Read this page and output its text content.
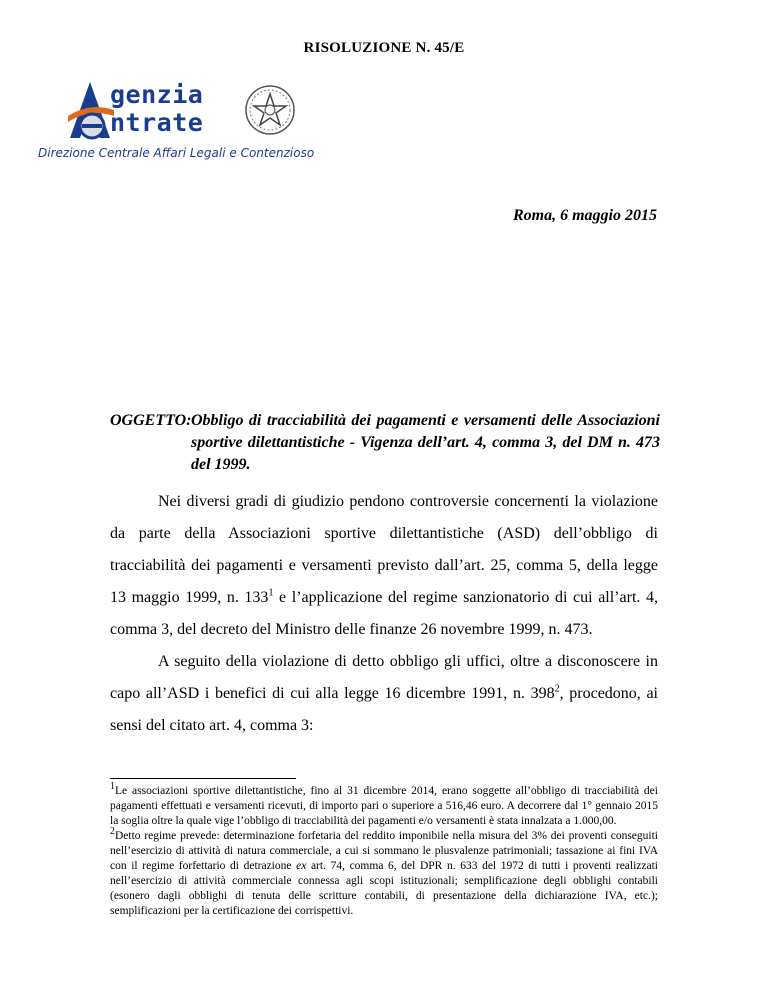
RISOLUZIONE N. 45/E
genzia
ntrate
Direzione Centrale Affari Legali e Contenzioso
Roma, 6 maggio 2015
OGGETTO: Obbligo di tracciabilità dei pagamenti e versamenti delle Associazioni sportive dilettantistiche - Vigenza dell’art. 4, comma 3, del DM n. 473 del 1999.

Nei diversi gradi di giudizio pendono controversie concernenti la violazione da parte della Associazioni sportive dilettantistiche (ASD) dell’obbligo di tracciabilità dei pagamenti e versamenti previsto dall’art. 25, comma 5, della legge 13 maggio 1999, n. $133^1$ e l’applicazione del regime sanzionatorio di cui all’art. 4, comma 3, del decreto del Ministro delle finanze 26 novembre 1999, n. 473.

A seguito della violazione di detto obbligo gli uffici, oltre a disconoscere in capo all’ASD i benefici di cui alla legge 16 dicembre 1991, n. $398^2$, procedono, ai sensi del citato art. 4, comma 3:

$^1$Le associazioni sportive dilettantistiche, fino al 31 dicembre 2014, erano soggette all’obbligo di tracciabilità dei pagamenti effettuati e versamenti ricevuti, di importo pari o superiore a 516,46 euro. A decorrere dal 1° gennaio 2015 la soglia oltre la quale vige l’obbligo di tracciabilità dei pagamenti e/o versamenti è stata innalzata a 1.000,00.

$^2$Detto regime prevede: determinazione forfetaria del reddito imponibile nella misura del 3% dei proventi conseguiti nell’esercizio di attività di natura commerciale, a cui si sommano le plusvalenze patrimoniali; tassazione ai fini IVA con il regime forfettario di detrazione ex art. 74, comma 6, del DPR n. 633 del 1972 di tutti i proventi realizzati nell’esercizio di attività commerciale connessa agli scopi istituzionali; semplificazione degli obblighi contabili (esonero dagli obblighi di tenuta delle scritture contabili, di presentazione della dichiarazione IVA, etc.); semplificazioni per la certificazione dei corrispettivi.
